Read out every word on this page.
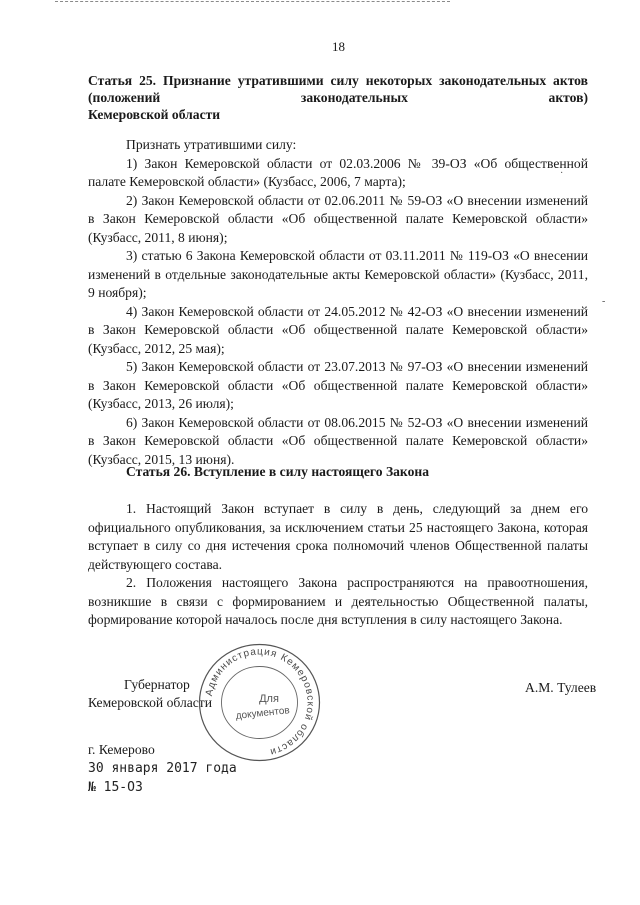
18
Статья 25. Признание утратившими силу некоторых законодательных актов (положений законодательных актов)
Кемеровской области

Признать утратившими силу:

1) Закон Кемеровской области от 02.03.2006 № 39-ОЗ «Об общественной палате Кемеровской области» (Кузбасс, 2006, 7 марта);

2) Закон Кемеровской области от 02.06.2011 № 59-ОЗ «О внесении изменений в Закон Кемеровской области «Об общественной палате Кемеровской области» (Кузбасс, 2011, 8 июня);

3) статью 6 Закона Кемеровской области от 03.11.2011 № 119-ОЗ «О внесении изменений в отдельные законодательные акты Кемеровской области» (Кузбасс, 2011, 9 ноября);

4) Закон Кемеровской области от 24.05.2012 № 42-ОЗ «О внесении изменений в Закон Кемеровской области «Об общественной палате Кемеровской области» (Кузбасс, 2012, 25 мая);

5) Закон Кемеровской области от 23.07.2013 № 97-ОЗ «О внесении изменений в Закон Кемеровской области «Об общественной палате Кемеровской области» (Кузбасс, 2013, 26 июля);

6) Закон Кемеровской области от 08.06.2015 № 52-ОЗ «О внесении изменений в Закон Кемеровской области «Об общественной палате Кемеровской области» (Кузбасс, 2015, 13 июня).

Статья 26. Вступление в силу настоящего Закона

1. Настоящий Закон вступает в силу в день, следующий за днем его официального опубликования, за исключением статьи 25 настоящего Закона, которая вступает в силу со дня истечения срока полномочий членов Общественной палаты действующего состава.

2. Положения настоящего Закона распространяются на правоотношения, возникшие в связи с формированием и деятельностью Общественной палаты, формирование которой началось после дня вступления в силу настоящего Закона.

Губернатор
Кемеровской области
А.М. Тулеев
Администрация Кемеровской области
Для
документов
г. Кемерово
30 января 2017 года
№ 15-ОЗ
-
·
